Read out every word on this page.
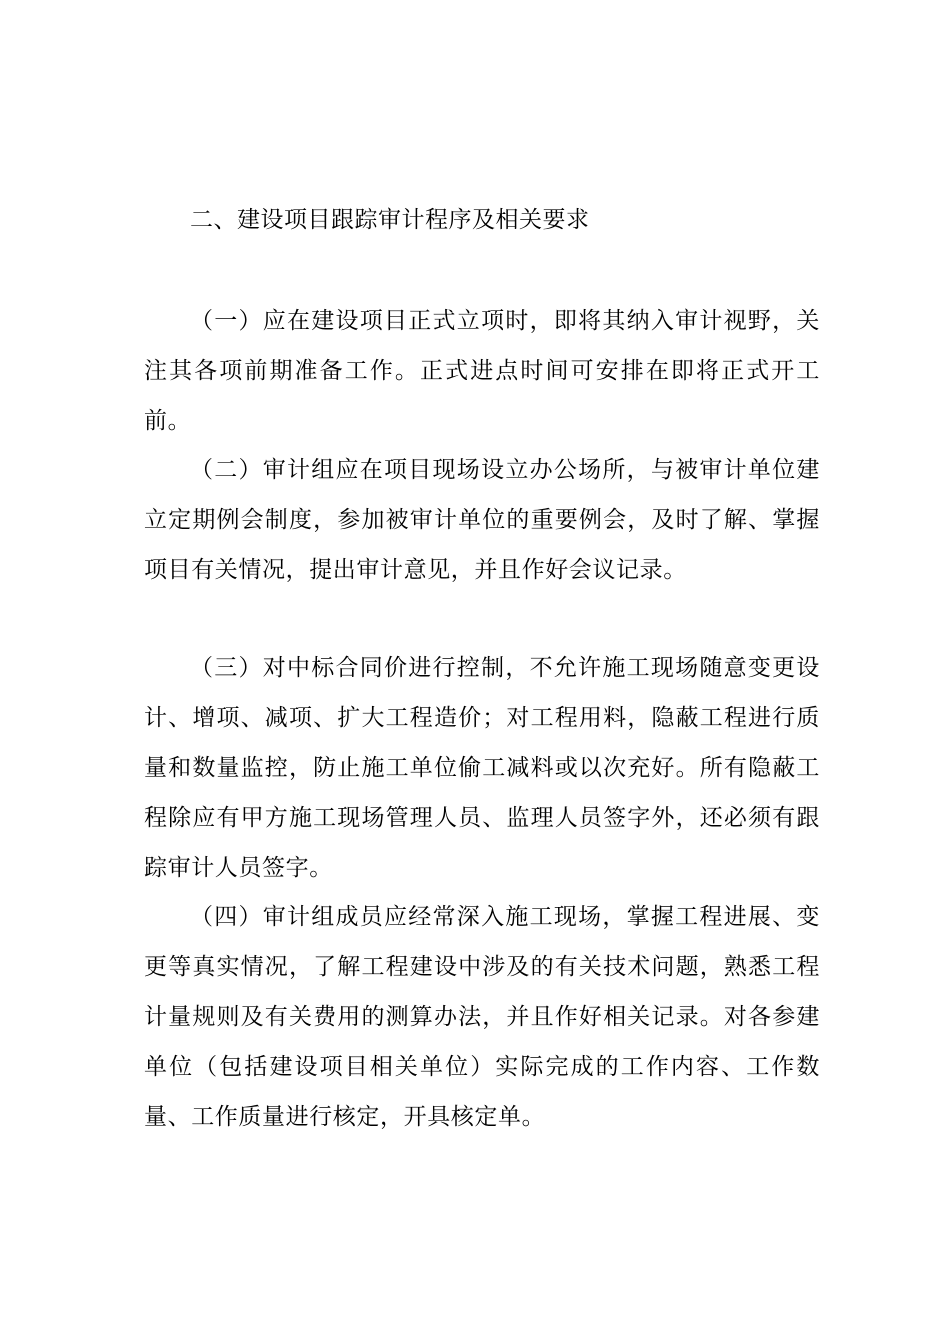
二、建设项目跟踪审计程序及相关要求

（一）应在建设项目正式立项时，即将其纳入审计视野，关注其各项前期准备工作。正式进点时间可安排在即将正式开工前。

（二）审计组应在项目现场设立办公场所，与被审计单位建立定期例会制度，参加被审计单位的重要例会，及时了解、掌握项目有关情况，提出审计意见，并且作好会议记录。

（三）对中标合同价进行控制，不允许施工现场随意变更设计、增项、减项、扩大工程造价；对工程用料，隐蔽工程进行质量和数量监控，防止施工单位偷工减料或以次充好。所有隐蔽工程除应有甲方施工现场管理人员、监理人员签字外，还必须有跟踪审计人员签字。

（四）审计组成员应经常深入施工现场，掌握工程进展、变更等真实情况，了解工程建设中涉及的有关技术问题，熟悉工程计量规则及有关费用的测算办法，并且作好相关记录。对各参建单位（包括建设项目相关单位）实际完成的工作内容、工作数量、工作质量进行核定，开具核定单。
